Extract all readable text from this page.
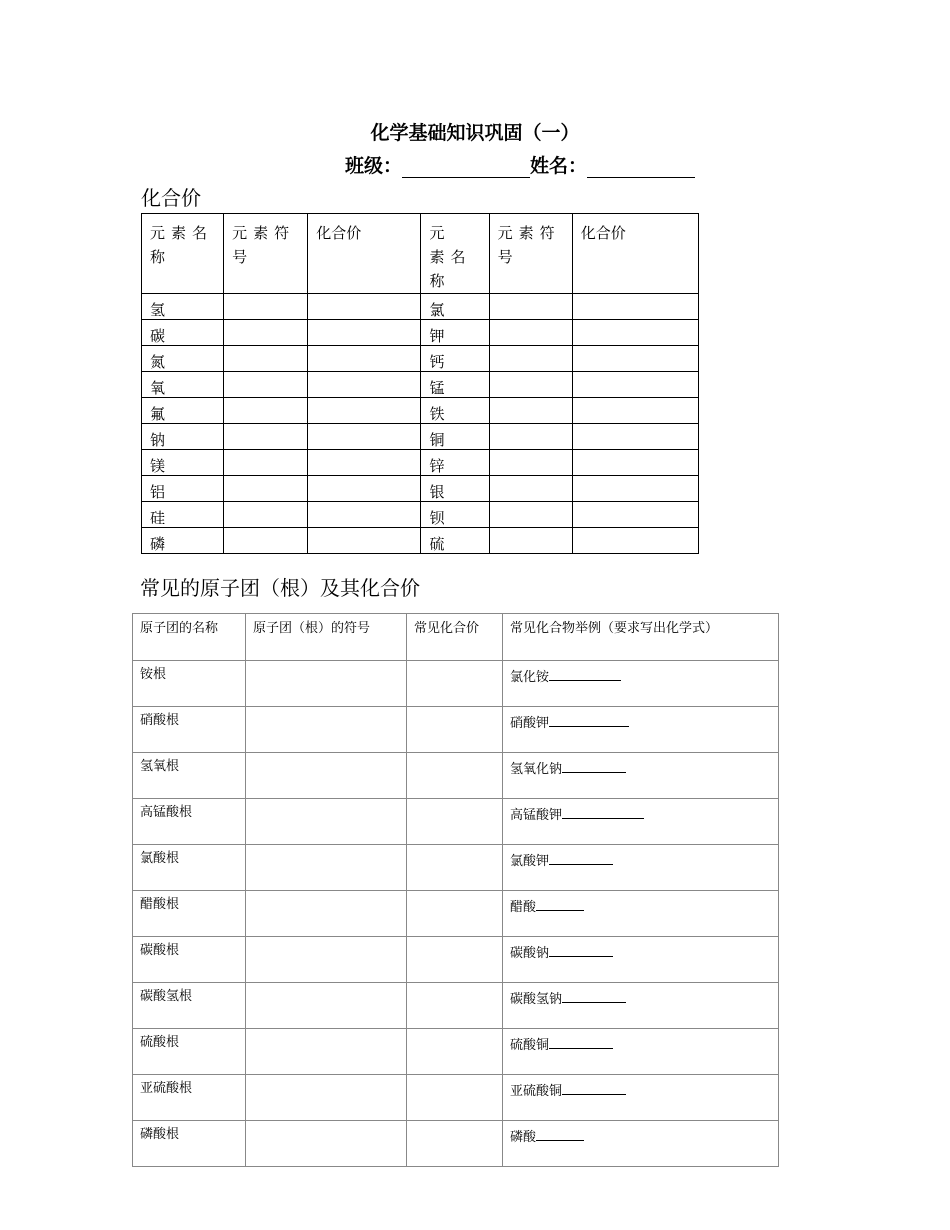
化学基础知识巩固（一）
班级：	姓名：
化合价
元素名称	元素符号	化合价	元　素名称	元素符号	化合价
氢			氯		
碳			钾		
氮			钙		
氧			锰		
氟			铁		
钠			铜		
镁			锌		
铝			银		
硅			钡		
磷			硫		
常见的原子团（根）及其化合价
原子团的名称	原子团（根）的符号	常见化合价	常见化合物举例（要求写出化学式）
铵根			氯化铵
硝酸根			硝酸钾
氢氧根			氢氧化钠
高锰酸根			高锰酸钾
氯酸根			氯酸钾
醋酸根			醋酸
碳酸根			碳酸钠
碳酸氢根			碳酸氢钠
硫酸根			硫酸铜
亚硫酸根			亚硫酸铜
磷酸根			磷酸
